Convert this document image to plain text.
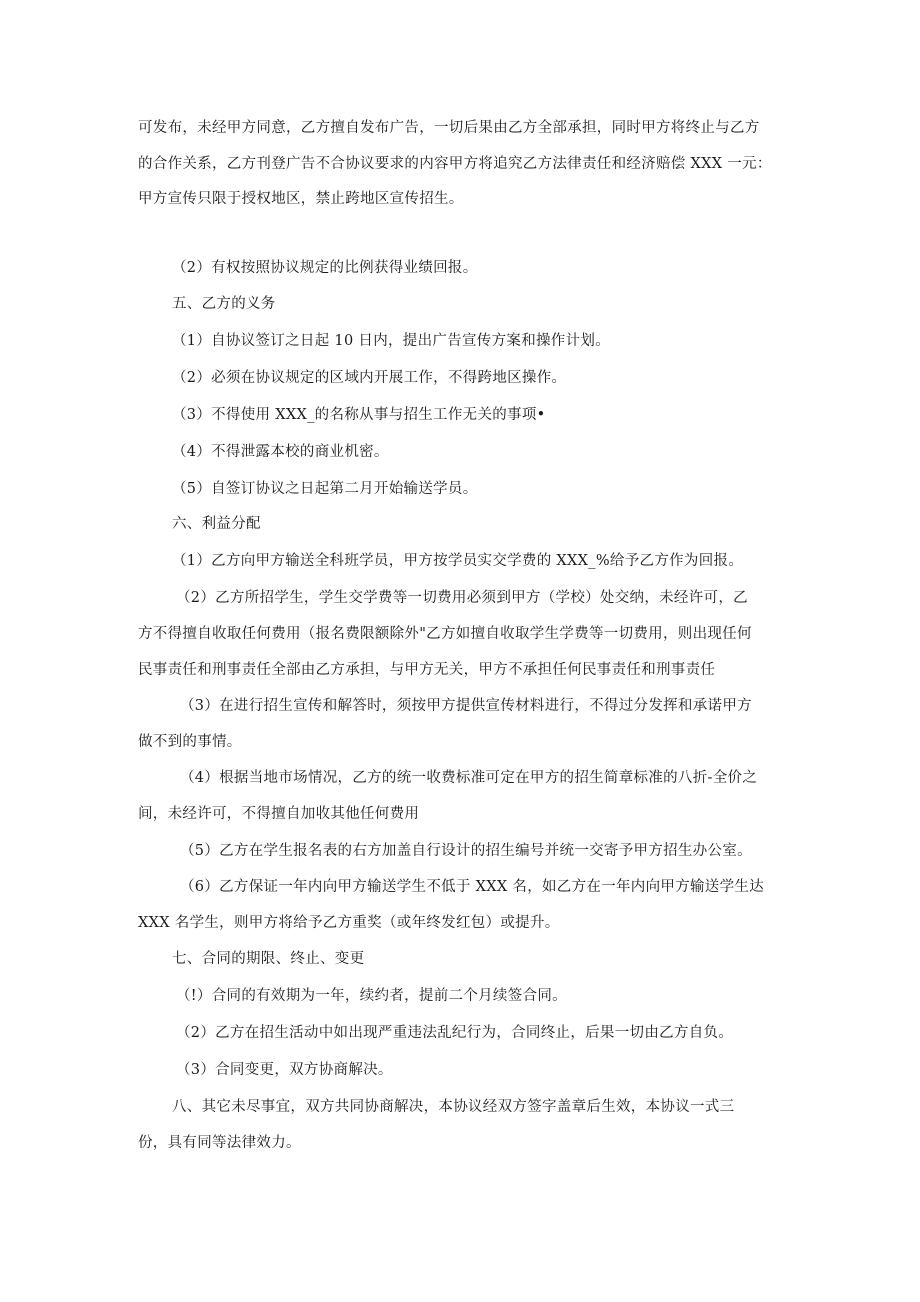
可发布，未经甲方同意，乙方擅自发布广告，一切后果由乙方全部承担，同时甲方将终止与乙方
的合作关系，乙方刊登广告不合协议要求的内容甲方将追究乙方法律责任和经济赔偿 XXX 一元：
甲方宣传只限于授权地区，禁止跨地区宣传招生。
（2）有权按照协议规定的比例获得业绩回报。
五、乙方的义务
（1）自协议签订之日起 10 日内，提出广告宣传方案和操作计划。
（2）必须在协议规定的区域内开展工作，不得跨地区操作。
（3）不得使用 XXX_的名称从事与招生工作无关的事项•
（4）不得泄露本校的商业机密。
（5）自签订协议之日起第二月开始输送学员。
六、利益分配
（1）乙方向甲方输送全科班学员，甲方按学员实交学费的 XXX_%给予乙方作为回报。
（2）乙方所招学生，学生交学费等一切费用必须到甲方（学校）处交纳，未经许可，乙
方不得擅自收取任何费用（报名费限额除外"乙方如擅自收取学生学费等一切费用，则出现任何
民事责任和刑事责任全部由乙方承担，与甲方无关，甲方不承担任何民事责任和刑事责任
（3）在进行招生宣传和解答时，须按甲方提供宣传材料进行，不得过分发挥和承诺甲方
做不到的事情。
（4）根据当地市场情况，乙方的统一收费标准可定在甲方的招生简章标准的八折-全价之
间，未经许可，不得擅自加收其他任何费用
（5）乙方在学生报名表的右方加盖自行设计的招生编号并统一交寄予甲方招生办公室。
（6）乙方保证一年内向甲方输送学生不低于 XXX 名，如乙方在一年内向甲方输送学生达
XXX 名学生，则甲方将给予乙方重奖（或年终发红包）或提升。
七、合同的期限、终止、变更
（!）合同的有效期为一年，续约者，提前二个月续签合同。
（2）乙方在招生活动中如出现严重违法乱纪行为，合同终止，后果一切由乙方自负。
（3）合同变更，双方协商解决。
八、其它未尽事宜，双方共同协商解决，本协议经双方签字盖章后生效，本协议一式三
份，具有同等法律效力。
